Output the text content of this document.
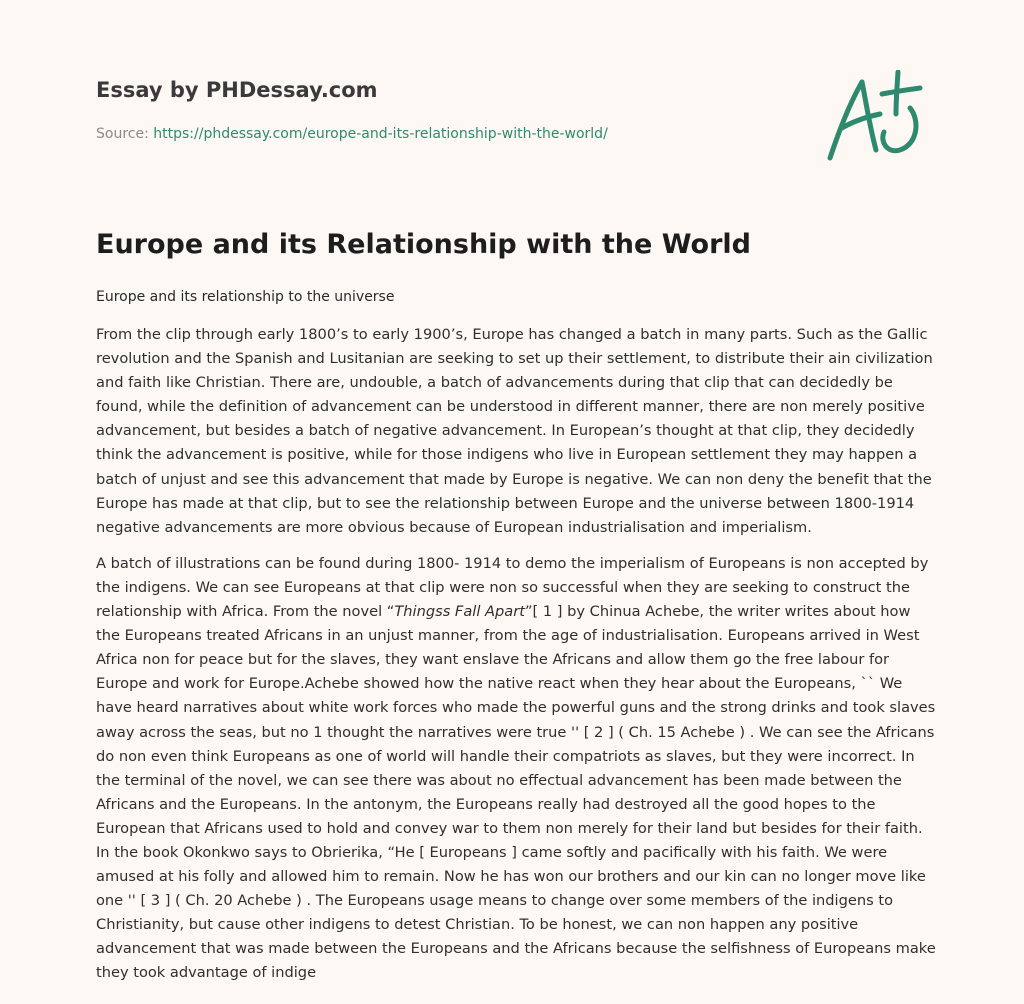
Essay by PHDessay.com
Source: https://phdessay.com/europe-and-its-relationship-with-the-world/
Europe and its Relationship with the World

Europe and its relationship to the universe

From the clip through early 1800’s to early 1900’s, Europe has changed a batch in many parts. Such as the Gallic revolution and the Spanish and Lusitanian are seeking to set up their settlement, to distribute their ain civilization and faith like Christian. There are, undouble, a batch of advancements during that clip that can decidedly be found, while the definition of advancement can be understood in different manner, there are non merely positive advancement, but besides a batch of negative advancement. In European’s thought at that clip, they decidedly think the advancement is positive, while for those indigens who live in European settlement they may happen a batch of unjust and see this advancement that made by Europe is negative. We can non deny the benefit that the Europe has made at that clip, but to see the relationship between Europe and the universe between 1800-1914 negative advancements are more obvious because of European industrialisation and imperialism.

A batch of illustrations can be found during 1800- 1914 to demo the imperialism of Europeans is non accepted by the indigens. We can see Europeans at that clip were non so successful when they are seeking to construct the relationship with Africa. From the novel “Thingss Fall Apart”[ 1 ] by Chinua Achebe, the writer writes about how the Europeans treated Africans in an unjust manner, from the age of industrialisation. Europeans arrived in West Africa non for peace but for the slaves, they want enslave the Africans and allow them go the free labour for Europe and work for Europe.Achebe showed how the native react when they hear about the Europeans, `` We have heard narratives about white work forces who made the powerful guns and the strong drinks and took slaves away across the seas, but no 1 thought the narratives were true '' [ 2 ] ( Ch. 15 Achebe ) . We can see the Africans do non even think Europeans as one of world will handle their compatriots as slaves, but they were incorrect. In the terminal of the novel, we can see there was about no effectual advancement has been made between the Africans and the Europeans. In the antonym, the Europeans really had destroyed all the good hopes to the European that Africans used to hold and convey war to them non merely for their land but besides for their faith. In the book Okonkwo says to Obrierika, “He [ Europeans ] came softly and pacifically with his faith. We were amused at his folly and allowed him to remain. Now he has won our brothers and our kin can no longer move like one '' [ 3 ] ( Ch. 20 Achebe ) . The Europeans usage means to change over some members of the indigens to Christianity, but cause other indigens to detest Christian. To be honest, we can non happen any positive advancement that was made between the Europeans and the Africans because the selfishness of Europeans make they took advantage of indige
